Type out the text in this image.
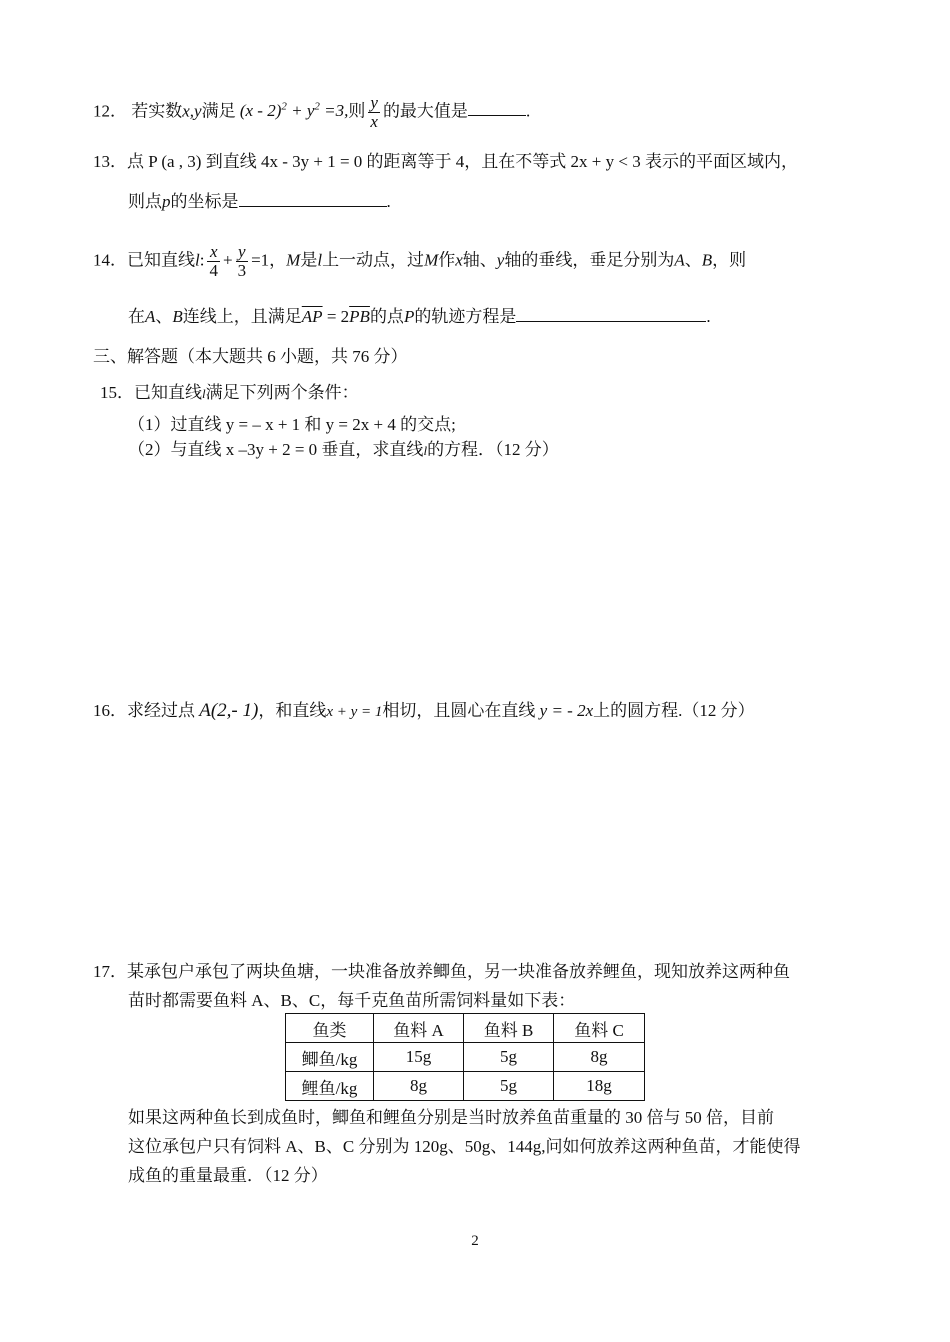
12． 若实数x,y满足 $(x - 2)^2 + y^2 =3$,则 $\frac{y}{x}$ 的最大值是	.
13．点 P (a , 3) 到直线 4x - 3y + 1 = 0 的距离等于 4，且在不等式 2x + y < 3 表示的平面区域内，
则点p的坐标是	.
14．已知直线l: $\frac{x}{4} + \frac{y}{3} =1$，M是l上一动点，过M作x轴、y轴的垂线，垂足分别为A、B，则
在A、B连线上，且满足$\overline{AP} = 2\overline{PB}$的点P的轨迹方程是	.
三、解答题（本大题共 6 小题，共 76 分）
15．已知直线l满足下列两个条件：
（1）过直线 y = – x + 1 和 y = 2x + 4 的交点;
（2）与直线 x –3y + 2 = 0 垂直，求直线l的方程．（12 分）
16．求经过点 A(2,- 1)，和直线x + y = 1相切，且圆心在直线 y = - 2x上的圆方程.（12 分）
17．某承包户承包了两块鱼塘，一块准备放养鲫鱼，另一块准备放养鲤鱼，现知放养这两种鱼
苗时都需要鱼料 A、B、C，每千克鱼苗所需饲料量如下表：
鱼类	鱼料 A	鱼料 B	鱼料 C
鲫鱼/kg	15g	5g	8g
鲤鱼/kg	8g	5g	18g
如果这两种鱼长到成鱼时，鲫鱼和鲤鱼分别是当时放养鱼苗重量的 30 倍与 50 倍，目前
这位承包户只有饲料 A、B、C 分别为 120g、50g、144g,问如何放养这两种鱼苗，才能使得
成鱼的重量最重．（12 分）
2
